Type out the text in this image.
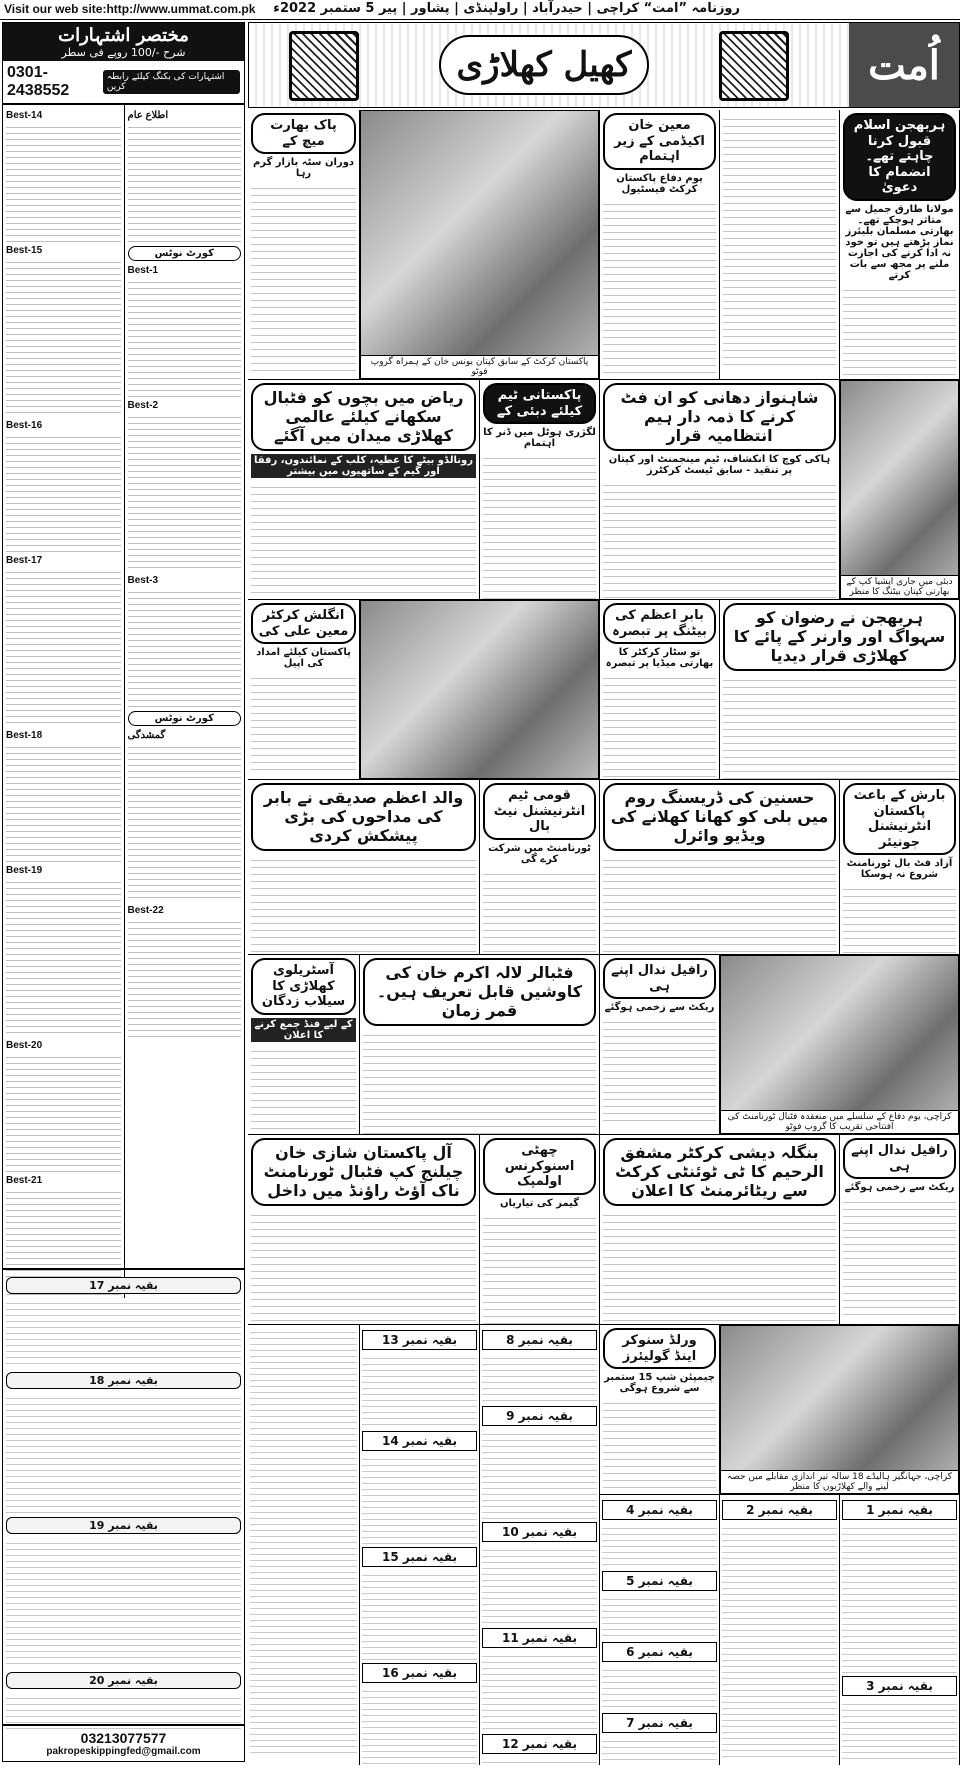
Visit our web site:http://www.ummat.com.pk روزنامہ ”امت“ کراچی | حیدرآباد | راولپنڈی | پشاور | پیر 5 ستمبر 2022ء
کھیل کھلاڑی	اُمت
مختصر اشتہارات
شرح -/100 روپے فی سطر
0301-2438552
اشتہارات کی بکنگ کیلئے رابطہ کریں
Best-14
Best-15
Best-16
Best-17
Best-18
Best-19
Best-20
Best-21
اطلاع عام
کورٹ نوٹس
Best-1
Best-2
Best-3
کورٹ نوٹس
گمشدگی
Best-22
بقیہ نمبر 17
بقیہ نمبر 18
بقیہ نمبر 19
بقیہ نمبر 20
03213077577
pakropeskippingfed@gmail.com
ہربھجن اسلام قبول کرنا چاہتے تھے۔انضمام کا دعویٰ
مولانا طارق جمیل سے متاثر ہوچکے تھے۔ بھارتی مسلمان بلیئرز نماز پڑھتے ہیں تو خود نہ ادا کرنے کی اجازت ملنے پر مجھ سے بات کرتے
معین خان اکیڈمی کے زیر اہتمام
یوم دفاع پاکستان کرکٹ فیسٹیول
پاکستان کرکٹ کے سابق کپتان یونس خان کے ہمراہ گروپ فوٹو
پاک بھارت میچ کے
دوران سٹہ بازار گرم رہا
دبئی میں جاری ایشیا کپ کے بھارتی کپتان بیٹنگ کا منظر
شاہنواز دھانی کو ان فٹ کرنے کا ذمہ دار ہیم انتظامیہ قرار
ہاکی کوچ کا انکشاف، ٹیم مینجمنٹ اور کپتان پر تنقید - سابق ٹیسٹ کرکٹرز
پاکستانی ٹیم کیلئے دبئی کے
لگژری ہوٹل میں ڈنر کا اہتمام
ریاض میں بچوں کو فٹبال سکھانے کیلئے عالمی کھلاڑی میدان میں آگئے
رونالڈو بیٹے کا عطیہ، کلب کے نمائندوں، رفقا اور گیم کے ساتھیوں میں بیشتر
ہربھجن نے رضوان کو سہواگ اور وارنر کے پائے کا کھلاڑی قرار دیدیا
بابر اعظم کی بیٹنگ پر تبصرہ
تو سٹار کرکٹر کا بھارتی میڈیا پر تبصرہ
انگلش کرکٹر معین علی کی
پاکستان کیلئے امداد کی اپیل
بارش کے باعث پاکستان انٹرنیشنل جونیئر
آزاد فٹ بال ٹورنامنٹ شروع نہ ہوسکا
حسنین کی ڈریسنگ روم میں بلی کو کھانا کھلانے کی ویڈیو وائرل
قومی ٹیم انٹرنیشنل نیٹ بال
ٹورنامنٹ میں شرکت کرے گی
والد اعظم صدیقی نے بابر کی مداحوں کی بڑی پیشکش کردی
کراچی، یوم دفاع کے سلسلے میں منعقدہ فٹبال ٹورنامنٹ کی افتتاحی تقریب کا گروپ فوٹو
رافیل ندال اپنے ہی
ریکٹ سے زخمی ہوگئے
فٹبالر لالہ اکرم خان کی کاوشیں قابل تعریف ہیں۔قمر زمان
آسٹریلوی کھلاڑی کا سیلاب زدگان
کے لیے فنڈ جمع کرنے کا اعلان
رافیل ندال اپنے ہی
ریکٹ سے زخمی ہوگئے
بنگلہ دیشی کرکٹر مشفق الرحیم کا ٹی ٹوئنٹی کرکٹ سے ریٹائرمنٹ کا اعلان
چھٹی اسنوکرنس اولمپک
گیمز کی تیاریاں
آل پاکستان شازی خان چیلنج کپ فٹبال ٹورنامنٹ ناک آؤٹ راؤنڈ میں داخل
کراچی، جہانگیر ہالیڈے 18 سالہ تیر اندازی مقابلے میں حصہ لینے والے کھلاڑیوں کا منظر
ورلڈ سنوکر اینڈ گولیئرز
چیمپئن شپ 15 ستمبر سے شروع ہوگی
بقیہ نمبر 8
بقیہ نمبر 9
بقیہ نمبر 10
بقیہ نمبر 11
بقیہ نمبر 12
بقیہ نمبر 13
بقیہ نمبر 14
بقیہ نمبر 15
بقیہ نمبر 16
بقیہ نمبر 1
بقیہ نمبر 3
بقیہ نمبر 2
بقیہ نمبر 4
بقیہ نمبر 5
بقیہ نمبر 6
بقیہ نمبر 7
